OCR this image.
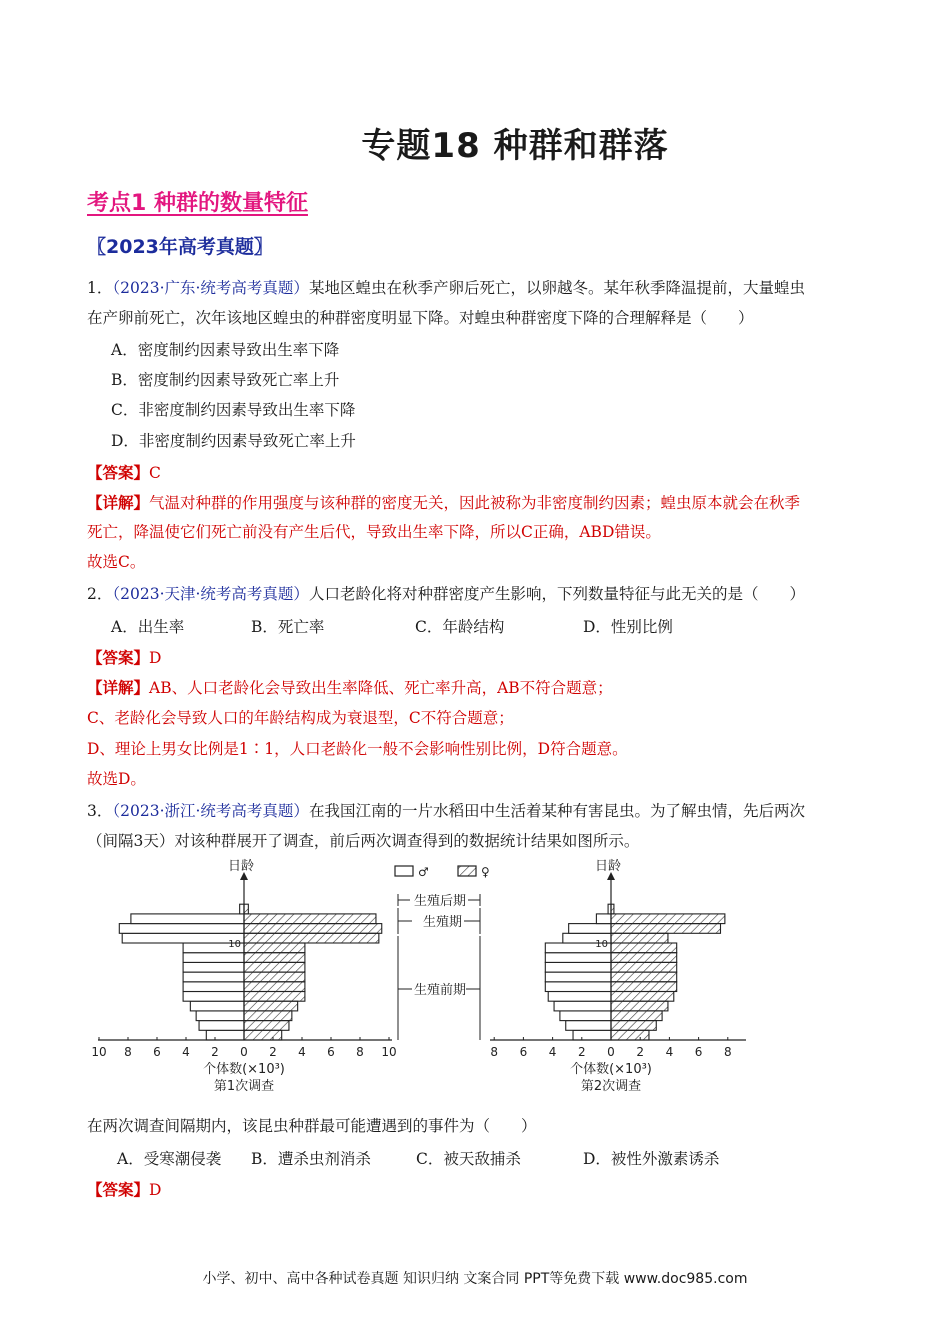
专题18 种群和群落
考点1 种群的数量特征
〖2023年高考真题〗
1．（2023·广东·统考高考真题）某地区蝗虫在秋季产卵后死亡，以卵越冬。某年秋季降温提前，大量蝗虫
在产卵前死亡，次年该地区蝗虫的种群密度明显下降。对蝗虫种群密度下降的合理解释是（　　）
A．密度制约因素导致出生率下降
B．密度制约因素导致死亡率上升
C．非密度制约因素导致出生率下降
D．非密度制约因素导致死亡率上升
【答案】C
【详解】气温对种群的作用强度与该种群的密度无关，因此被称为非密度制约因素；蝗虫原本就会在秋季
死亡，降温使它们死亡前没有产生后代，导致出生率下降，所以C正确，ABD错误。
故选C。
2．（2023·天津·统考高考真题）人口老龄化将对种群密度产生影响，下列数量特征与此无关的是（　　）
A．出生率	B．死亡率	C．年龄结构	D．性别比例
【答案】D
【详解】AB、人口老龄化会导致出生率降低、死亡率升高，AB不符合题意；
C、老龄化会导致人口的年龄结构成为衰退型，C不符合题意；
D、理论上男女比例是1∶1，人口老龄化一般不会影响性别比例，D符合题意。
故选D。
3．（2023·浙江·统考高考真题）在我国江南的一片水稻田中生活着某种有害昆虫。为了解虫情，先后两次
（间隔3天）对该种群展开了调查，前后两次调查得到的数据统计结果如图所示。
日龄
10
10 8 6 4 2 0 2 4 6 8 10
个体数(×10³)
第1次调查
日龄
10
8 6 4 2 0 2 4 6 8
个体数(×10³)
第2次调查
♂	♀
生殖后期
生殖期
生殖前期
在两次调查间隔期内，该昆虫种群最可能遭遇到的事件为（　　）
A．受寒潮侵袭 B．遭杀虫剂消杀	C．被天敌捕杀	D．被性外激素诱杀
【答案】D
小学、初中、高中各种试卷真题 知识归纳 文案合同 PPT等免费下载 www.doc985.com
